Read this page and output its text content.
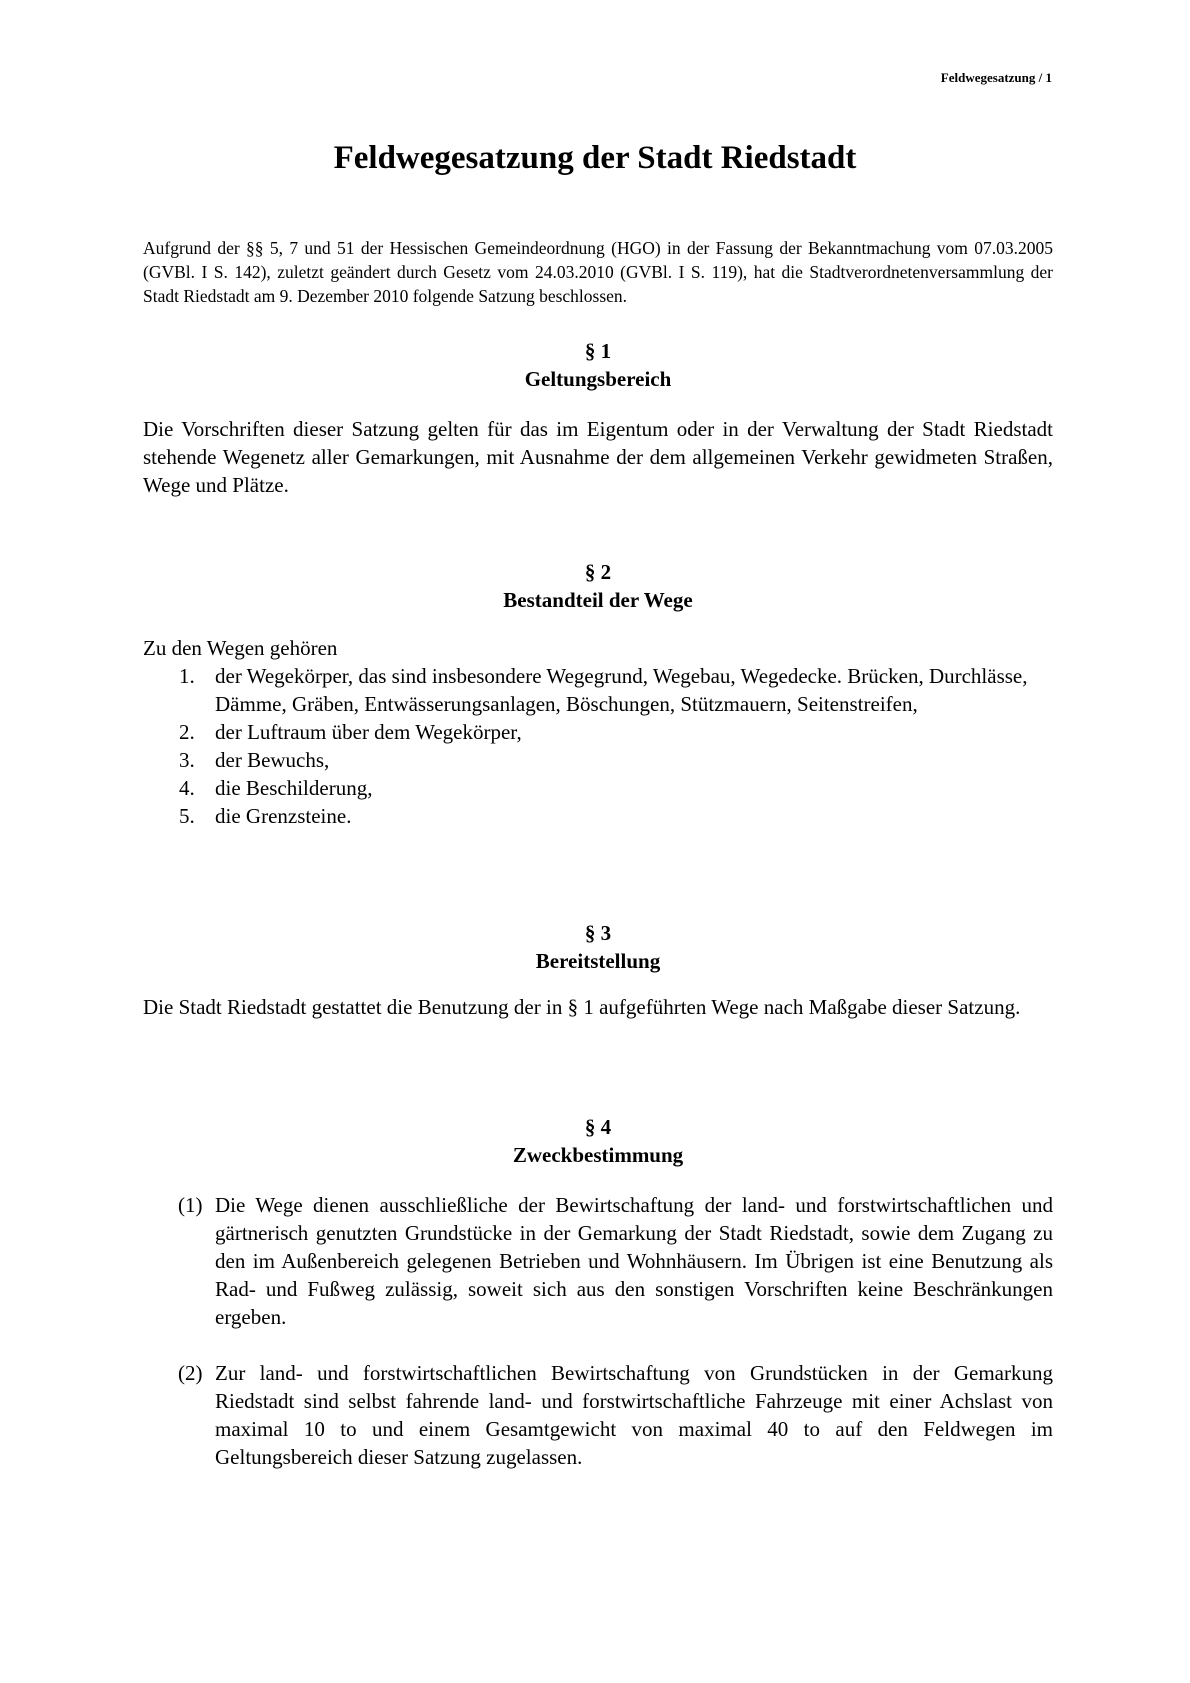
Feldwegesatzung / 1
Feldwegesatzung der Stadt Riedstadt

Aufgrund der §§ 5, 7 und 51 der Hessischen Gemeindeordnung (HGO) in der Fassung der Bekanntmachung vom 07.03.2005 (GVBl. I S. 142), zuletzt geändert durch Gesetz vom 24.03.2010 (GVBl. I S. 119), hat die Stadtverordnetenversammlung der Stadt Riedstadt am 9. Dezember 2010 folgende Satzung beschlossen.

§ 1
Geltungsbereich

Die Vorschriften dieser Satzung gelten für das im Eigentum oder in der Verwaltung der Stadt Riedstadt stehende Wegenetz aller Gemarkungen, mit Ausnahme der dem allgemeinen Verkehr gewidmeten Straßen, Wege und Plätze.

§ 2
Bestandteil der Wege

Zu den Wegen gehören

1. der Wegekörper, das sind insbesondere Wegegrund, Wegebau, Wegedecke. Brücken, Durchlässe, Dämme, Gräben, Entwässerungsanlagen, Böschungen, Stützmauern, Seitenstreifen,
2. der Luftraum über dem Wegekörper,
3. der Bewuchs,
4. die Beschilderung,
5. die Grenzsteine.
§ 3
Bereitstellung

Die Stadt Riedstadt gestattet die Benutzung der in § 1 aufgeführten Wege nach Maßgabe dieser Satzung.

§ 4
Zweckbestimmung
(1) Die Wege dienen ausschließliche der Bewirtschaftung der land- und forstwirtschaftlichen und gärtnerisch genutzten Grundstücke in der Gemarkung der Stadt Riedstadt, sowie dem Zugang zu den im Außenbereich gelegenen Betrieben und Wohnhäusern. Im Übrigen ist eine Benutzung als Rad- und Fußweg zulässig, soweit sich aus den sonstigen Vorschriften keine Beschränkungen ergeben.
(2) Zur land- und forstwirtschaftlichen Bewirtschaftung von Grundstücken in der Gemarkung Riedstadt sind selbst fahrende land- und forstwirtschaftliche Fahrzeuge mit einer Achslast von maximal 10 to und einem Gesamtgewicht von maximal 40 to auf den Feldwegen im Geltungsbereich dieser Satzung zugelassen.
